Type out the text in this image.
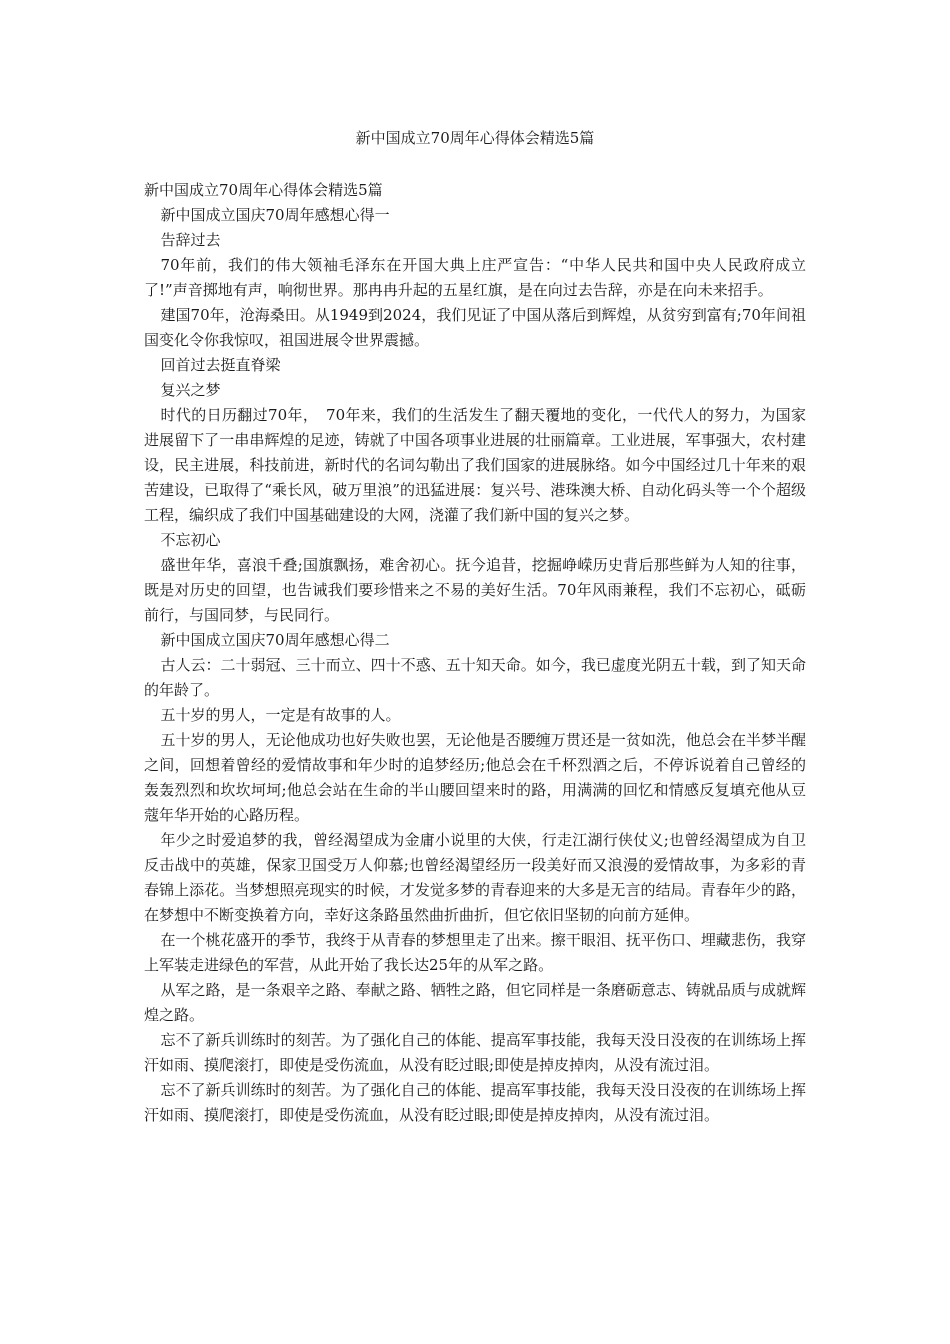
新中国成立70周年心得体会精选5篇

新中国成立70周年心得体会精选5篇

新中国成立国庆70周年感想心得一

告辞过去

70年前，我们的伟大领袖毛泽东在开国大典上庄严宣告：“中华人民共和国中央人民政府成立了!”声音掷地有声，响彻世界。那冉冉升起的五星红旗，是在向过去告辞，亦是在向未来招手。

建国70年，沧海桑田。从1949到2024，我们见证了中国从落后到辉煌，从贫穷到富有;70年间祖国变化令你我惊叹，祖国进展令世界震撼。

回首过去挺直脊梁

复兴之梦

时代的日历翻过70年，　70年来，我们的生活发生了翻天覆地的变化，一代代人的努力，为国家进展留下了一串串辉煌的足迹，铸就了中国各项事业进展的壮丽篇章。工业进展，军事强大，农村建设，民主进展，科技前进，新时代的名词勾勒出了我们国家的进展脉络。如今中国经过几十年来的艰苦建设，已取得了“乘长风，破万里浪”的迅猛进展：复兴号、港珠澳大桥、自动化码头等一个个超级工程，编织成了我们中国基础建设的大网，浇灌了我们新中国的复兴之梦。

不忘初心

盛世年华，喜浪千叠;国旗飘扬，难舍初心。抚今追昔，挖掘峥嵘历史背后那些鲜为人知的往事，既是对历史的回望，也告诫我们要珍惜来之不易的美好生活。70年风雨兼程，我们不忘初心，砥砺前行，与国同梦，与民同行。

新中国成立国庆70周年感想心得二

古人云：二十弱冠、三十而立、四十不惑、五十知天命。如今，我已虚度光阴五十载，到了知天命的年龄了。

五十岁的男人，一定是有故事的人。

五十岁的男人，无论他成功也好失败也罢，无论他是否腰缠万贯还是一贫如洗，他总会在半梦半醒之间，回想着曾经的爱情故事和年少时的追梦经历;他总会在千杯烈酒之后，不停诉说着自己曾经的轰轰烈烈和坎坎坷坷;他总会站在生命的半山腰回望来时的路，用满满的回忆和情感反复填充他从豆蔻年华开始的心路历程。

年少之时爱追梦的我，曾经渴望成为金庸小说里的大侠，行走江湖行侠仗义;也曾经渴望成为自卫反击战中的英雄，保家卫国受万人仰慕;也曾经渴望经历一段美好而又浪漫的爱情故事，为多彩的青春锦上添花。当梦想照亮现实的时候，才发觉多梦的青春迎来的大多是无言的结局。青春年少的路，在梦想中不断变换着方向，幸好这条路虽然曲折曲折，但它依旧坚韧的向前方延伸。

在一个桃花盛开的季节，我终于从青春的梦想里走了出来。擦干眼泪、抚平伤口、埋藏悲伤，我穿上军装走进绿色的军营，从此开始了我长达25年的从军之路。

从军之路，是一条艰辛之路、奉献之路、牺牲之路，但它同样是一条磨砺意志、铸就品质与成就辉煌之路。

忘不了新兵训练时的刻苦。为了强化自己的体能、提高军事技能，我每天没日没夜的在训练场上挥汗如雨、摸爬滚打，即使是受伤流血，从没有眨过眼;即使是掉皮掉肉，从没有流过泪。

忘不了新兵训练时的刻苦。为了强化自己的体能、提高军事技能，我每天没日没夜的在训练场上挥汗如雨、摸爬滚打，即使是受伤流血，从没有眨过眼;即使是掉皮掉肉，从没有流过泪。
